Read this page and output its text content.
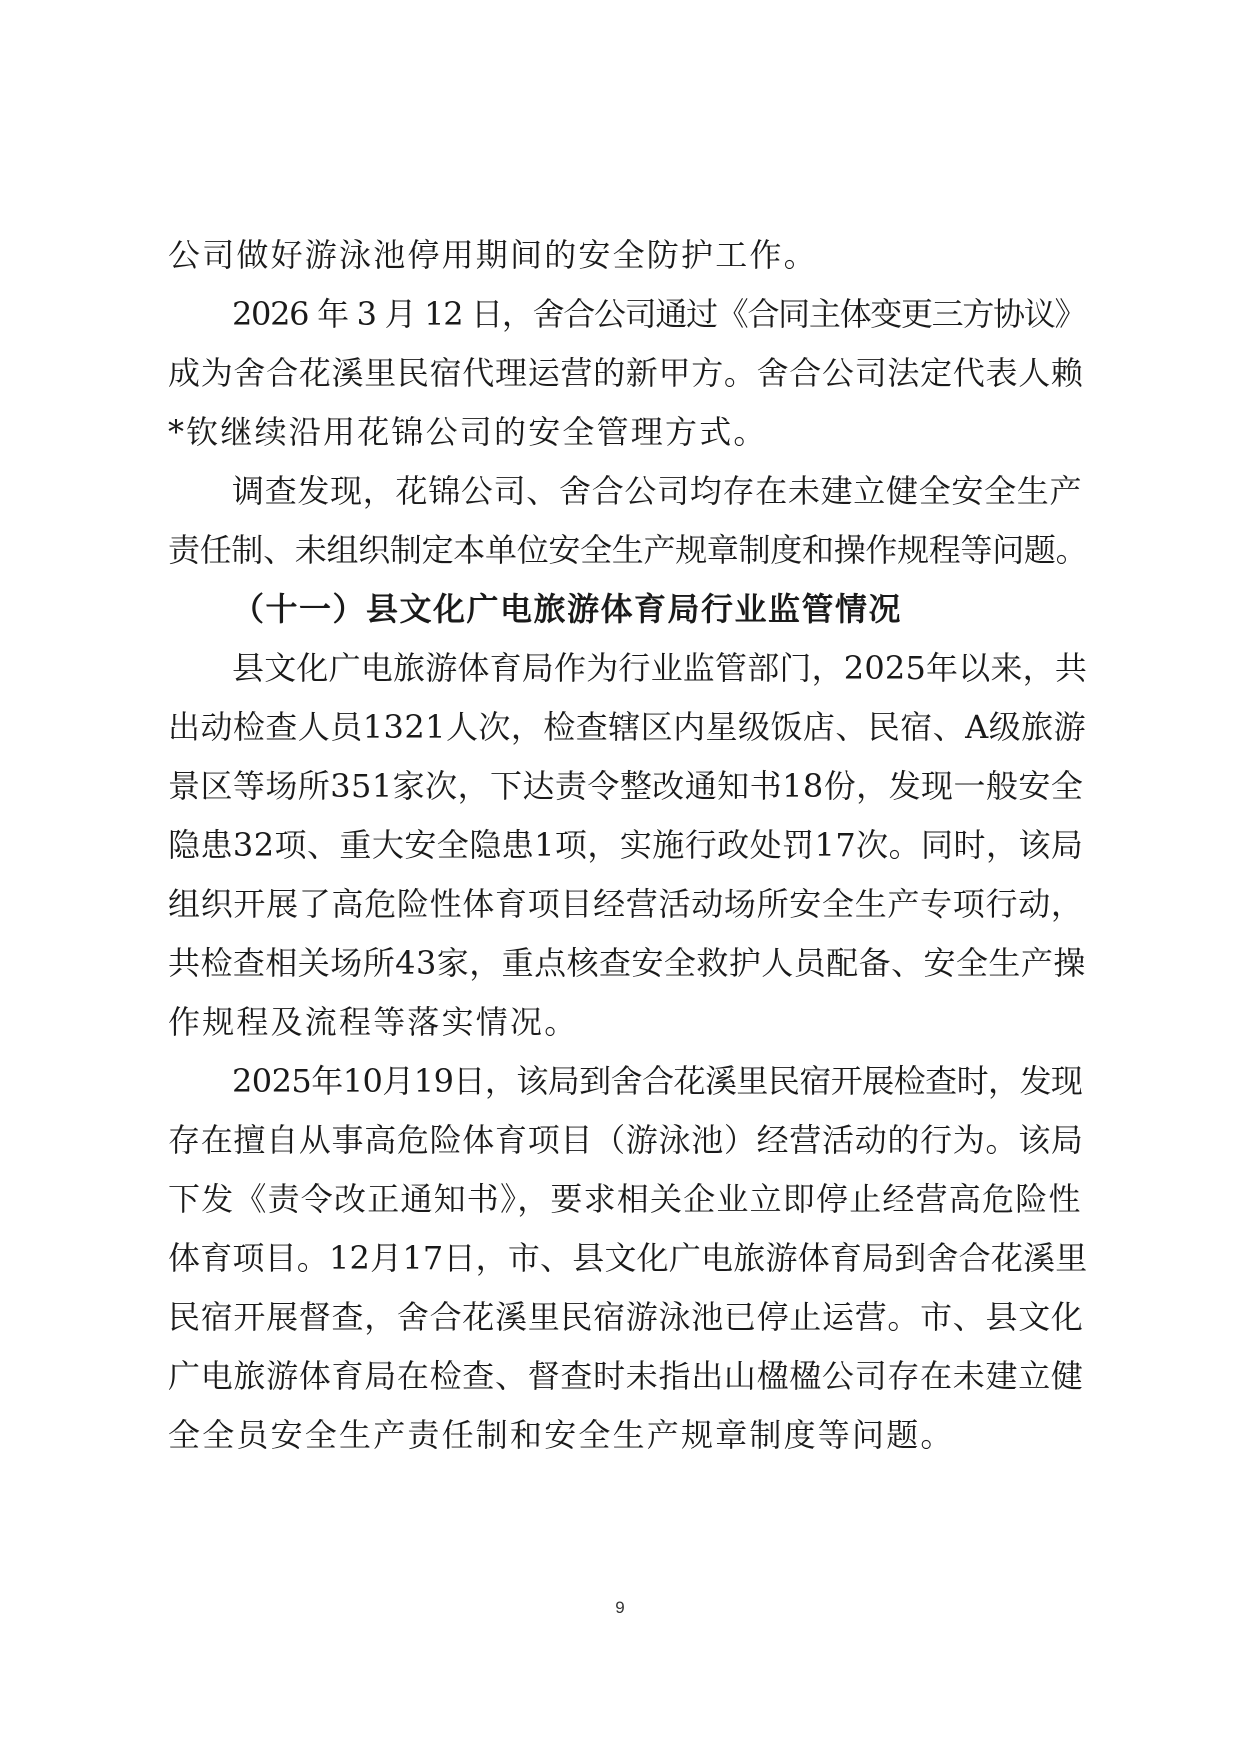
公司做好游泳池停用期间的安全防护工作。
2026 年 3 月 12 日，舍合公司通过《合同主体变更三方协议》
成为舍合花溪里民宿代理运营的新甲方。舍合公司法定代表人赖
*钦继续沿用花锦公司的安全管理方式。
调查发现，花锦公司、舍合公司均存在未建立健全安全生产
责任制、未组织制定本单位安全生产规章制度和操作规程等问题。
（十一）县文化广电旅游体育局行业监管情况
县文化广电旅游体育局作为行业监管部门，2025年以来，共
出动检查人员1321人次，检查辖区内星级饭店、民宿、A级旅游
景区等场所351家次，下达责令整改通知书18份，发现一般安全
隐患32项、重大安全隐患1项，实施行政处罚17次。同时，该局
组织开展了高危险性体育项目经营活动场所安全生产专项行动，
共检查相关场所43家，重点核查安全救护人员配备、安全生产操
作规程及流程等落实情况。
2025年10月19日，该局到舍合花溪里民宿开展检查时，发现
存在擅自从事高危险体育项目（游泳池）经营活动的行为。该局
下发《责令改正通知书》，要求相关企业立即停止经营高危险性
体育项目。12月17日，市、县文化广电旅游体育局到舍合花溪里
民宿开展督查，舍合花溪里民宿游泳池已停止运营。市、县文化
广电旅游体育局在检查、督查时未指出山楹楹公司存在未建立健
全全员安全生产责任制和安全生产规章制度等问题。
9
